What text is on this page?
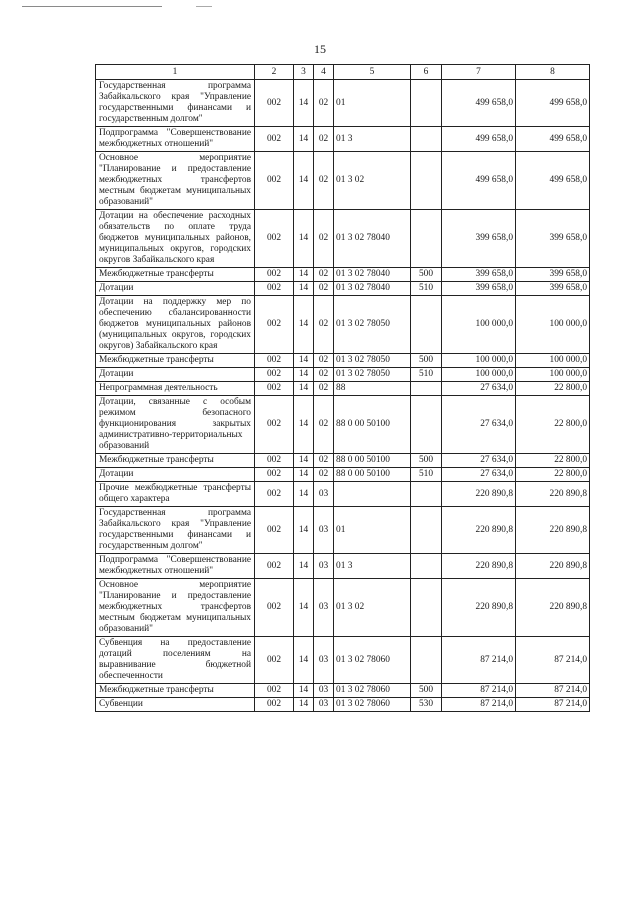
15
1	2	3	4	5	6	7	8
Государственная программа Забайкальского края "Управление государственными финансами и государственным долгом"	002	14	02	01		499 658,0	499 658,0
Подпрограмма "Совершенствование межбюджетных отношений"	002	14	02	01 3		499 658,0	499 658,0
Основное мероприятие "Планирование и предоставление межбюджетных трансфертов местным бюджетам муниципальных образований"	002	14	02	01 3 02		499 658,0	499 658,0
Дотации на обеспечение расходных обязательств по оплате труда бюджетов муниципальных районов, муниципальных округов, городских округов Забайкальского края	002	14	02	01 3 02 78040		399 658,0	399 658,0
Межбюджетные трансферты	002	14	02	01 3 02 78040	500	399 658,0	399 658,0
Дотации	002	14	02	01 3 02 78040	510	399 658,0	399 658,0
Дотации на поддержку мер по обеспечению сбалансированности бюджетов муниципальных районов (муниципальных округов, городских округов) Забайкальского края	002	14	02	01 3 02 78050		100 000,0	100 000,0
Межбюджетные трансферты	002	14	02	01 3 02 78050	500	100 000,0	100 000,0
Дотации	002	14	02	01 3 02 78050	510	100 000,0	100 000,0
Непрограммная деятельность	002	14	02	88		27 634,0	22 800,0
Дотации, связанные с особым режимом безопасного функционирования закрытых административно-территориальных образований	002	14	02	88 0 00 50100		27 634,0	22 800,0
Межбюджетные трансферты	002	14	02	88 0 00 50100	500	27 634,0	22 800,0
Дотации	002	14	02	88 0 00 50100	510	27 634,0	22 800,0
Прочие межбюджетные трансферты общего характера	002	14	03			220 890,8	220 890,8
Государственная программа Забайкальского края "Управление государственными финансами и государственным долгом"	002	14	03	01		220 890,8	220 890,8
Подпрограмма "Совершенствование межбюджетных отношений"	002	14	03	01 3		220 890,8	220 890,8
Основное мероприятие "Планирование и предоставление межбюджетных трансфертов местным бюджетам муниципальных образований"	002	14	03	01 3 02		220 890,8	220 890,8
Субвенция на предоставление дотаций поселениям на выравнивание бюджетной обеспеченности	002	14	03	01 3 02 78060		87 214,0	87 214,0
Межбюджетные трансферты	002	14	03	01 3 02 78060	500	87 214,0	87 214,0
Субвенции	002	14	03	01 3 02 78060	530	87 214,0	87 214,0
